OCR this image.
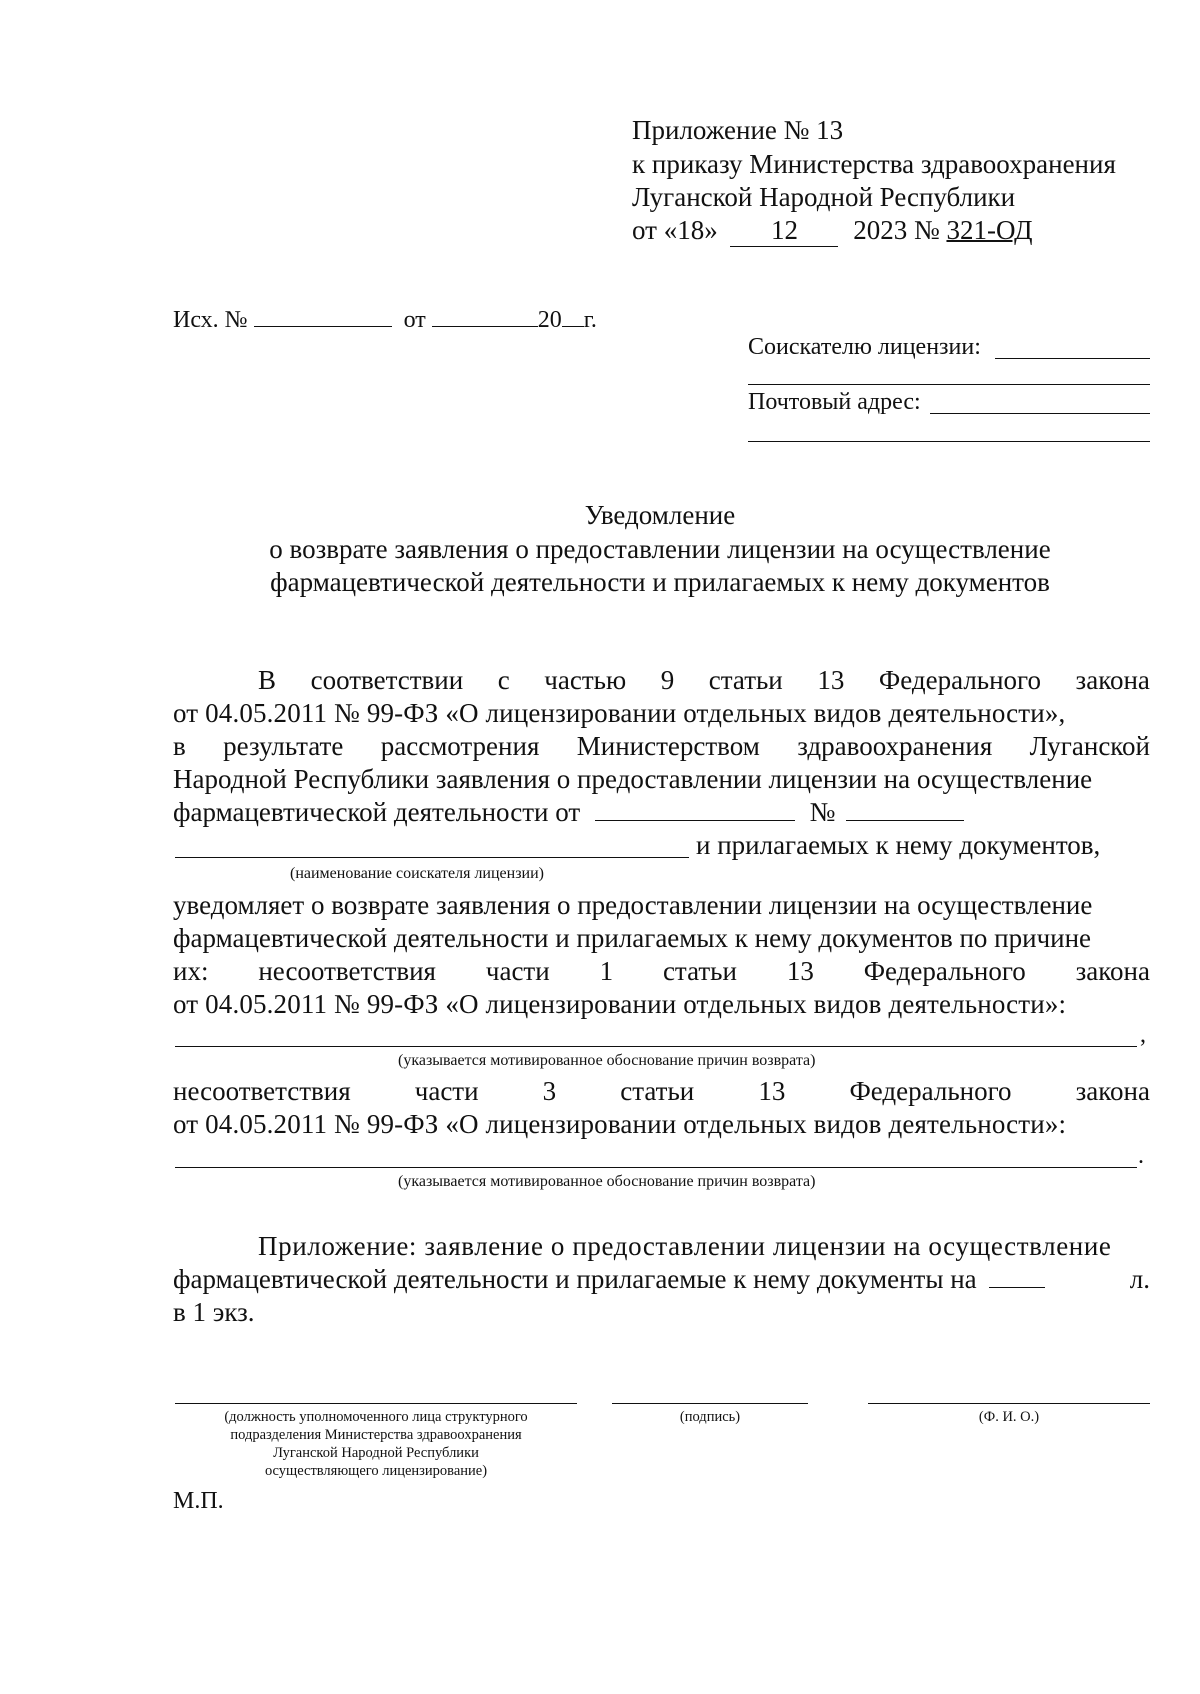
Приложение № 13
к приказу Министерства здравоохранения
Луганской Народной Республики
от «18» 12 2023 № 321-ОД
Исх. №	от	20 г.
Соискателю лицензии:
Почтовый адрес:
Уведомление
о возврате заявления о предоставлении лицензии на осуществление
фармацевтической деятельности и прилагаемых к нему документов
В соответствии с частью 9 статьи 13 Федерального закона
от 04.05.2011 № 99-ФЗ «О лицензировании отдельных видов деятельности»,
в результате рассмотрения Министерством здравоохранения Луганской
Народной Республики заявления о предоставлении лицензии на осуществление
фармацевтической деятельности от	№
и прилагаемых к нему документов,
(наименование соискателя лицензии)
уведомляет о возврате заявления о предоставлении лицензии на осуществление
фармацевтической деятельности и прилагаемых к нему документов по причине
их: несоответствия части 1 статьи 13 Федерального закона
от 04.05.2011 № 99-ФЗ «О лицензировании отдельных видов деятельности»:
,
(указывается мотивированное обоснование причин возврата)
несоответствия части 3 статьи 13 Федерального закона
от 04.05.2011 № 99-ФЗ «О лицензировании отдельных видов деятельности»:
.
(указывается мотивированное обоснование причин возврата)
Приложение: заявление о предоставлении лицензии на осуществление
фармацевтической деятельности и прилагаемые к нему документы на	л.
в 1 экз.
(должность уполномоченного лица структурного
подразделения Министерства здравоохранения
Луганской Народной Республики
осуществляющего лицензирование)
(подпись)	(Ф. И. О.)
М.П.
